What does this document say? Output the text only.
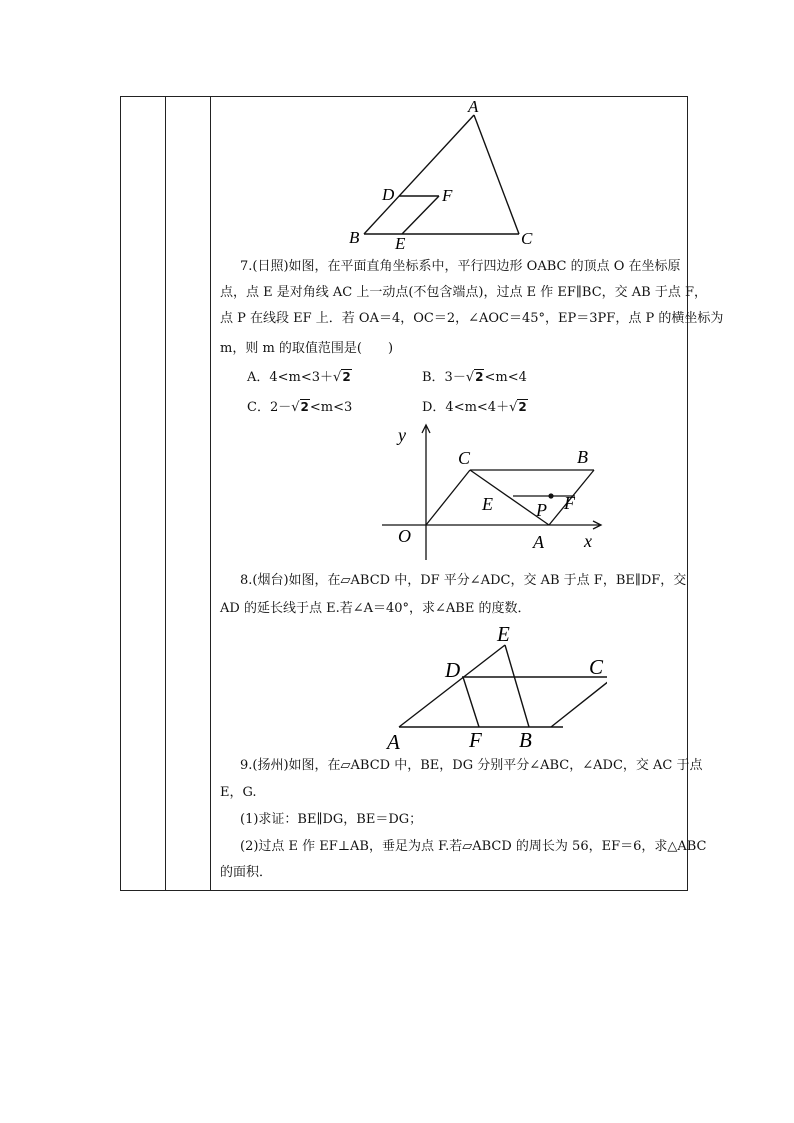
A
B	C
D	F
E
7.(日照)如图，在平面直角坐标系中，平行四边形 OABC 的顶点 O 在坐标原
点，点 E 是对角线 AC 上一动点(不包含端点)，过点 E 作 EF∥BC，交 AB 于点 F，
点 P 在线段 EF 上．若 OA＝4，OC＝2，∠AOC＝45°，EP＝3PF，点 P 的横坐标为
m，则 m 的取值范围是(　　)
A．4<m<3＋√2	B．3－√2<m<4
C．2－√2<m<3	D．4<m<4＋√2
y
x
O
C	B
E P F
A
8.(烟台)如图，在▱ABCD 中，DF 平分∠ADC，交 AB 于点 F，BE∥DF，交
AD 的延长线于点 E.若∠A＝40°，求∠ABE 的度数．
E
D	C
A	F B
9.(扬州)如图，在▱ABCD 中，BE，DG 分别平分∠ABC，∠ADC，交 AC 于点
E，G.
(1)求证：BE∥DG，BE＝DG；
(2)过点 E 作 EF⊥AB，垂足为点 F.若▱ABCD 的周长为 56，EF＝6，求△ABC
的面积．
